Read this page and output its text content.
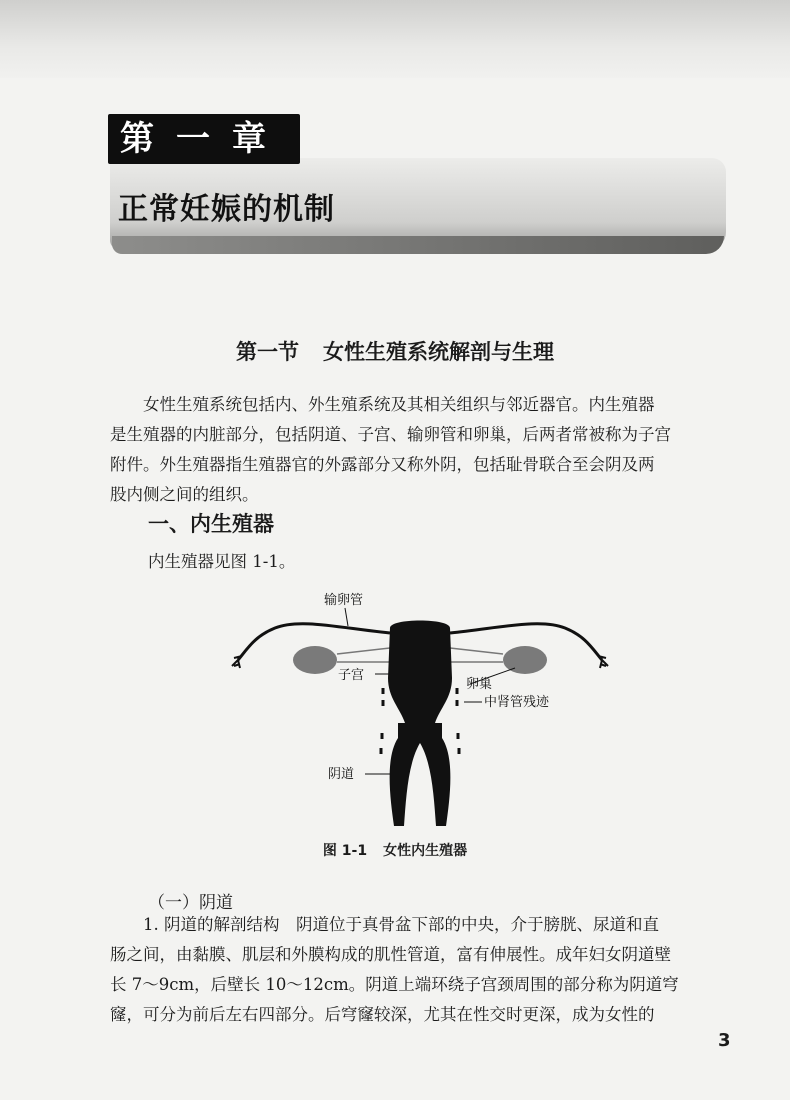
第一章
正常妊娠的机制
第一节 女性生殖系统解剖与生理
女性生殖系统包括内、外生殖系统及其相关组织与邻近器官。内生殖器
是生殖器的内脏部分，包括阴道、子宫、输卵管和卵巢，后两者常被称为子宫
附件。外生殖器指生殖器官的外露部分又称外阴，包括耻骨联合至会阴及两
股内侧之间的组织。
一、内生殖器
内生殖器见图 1-1。
输卵管
子宫
卵巢
中肾管残迹
阴道
图 1-1 女性内生殖器
（一）阴道
1. 阴道的解剖结构　阴道位于真骨盆下部的中央，介于膀胱、尿道和直
肠之间，由黏膜、肌层和外膜构成的肌性管道，富有伸展性。成年妇女阴道壁
长 7～9cm，后壁长 10～12cm。阴道上端环绕子宫颈周围的部分称为阴道穹
窿，可分为前后左右四部分。后穹窿较深，尤其在性交时更深，成为女性的
3
